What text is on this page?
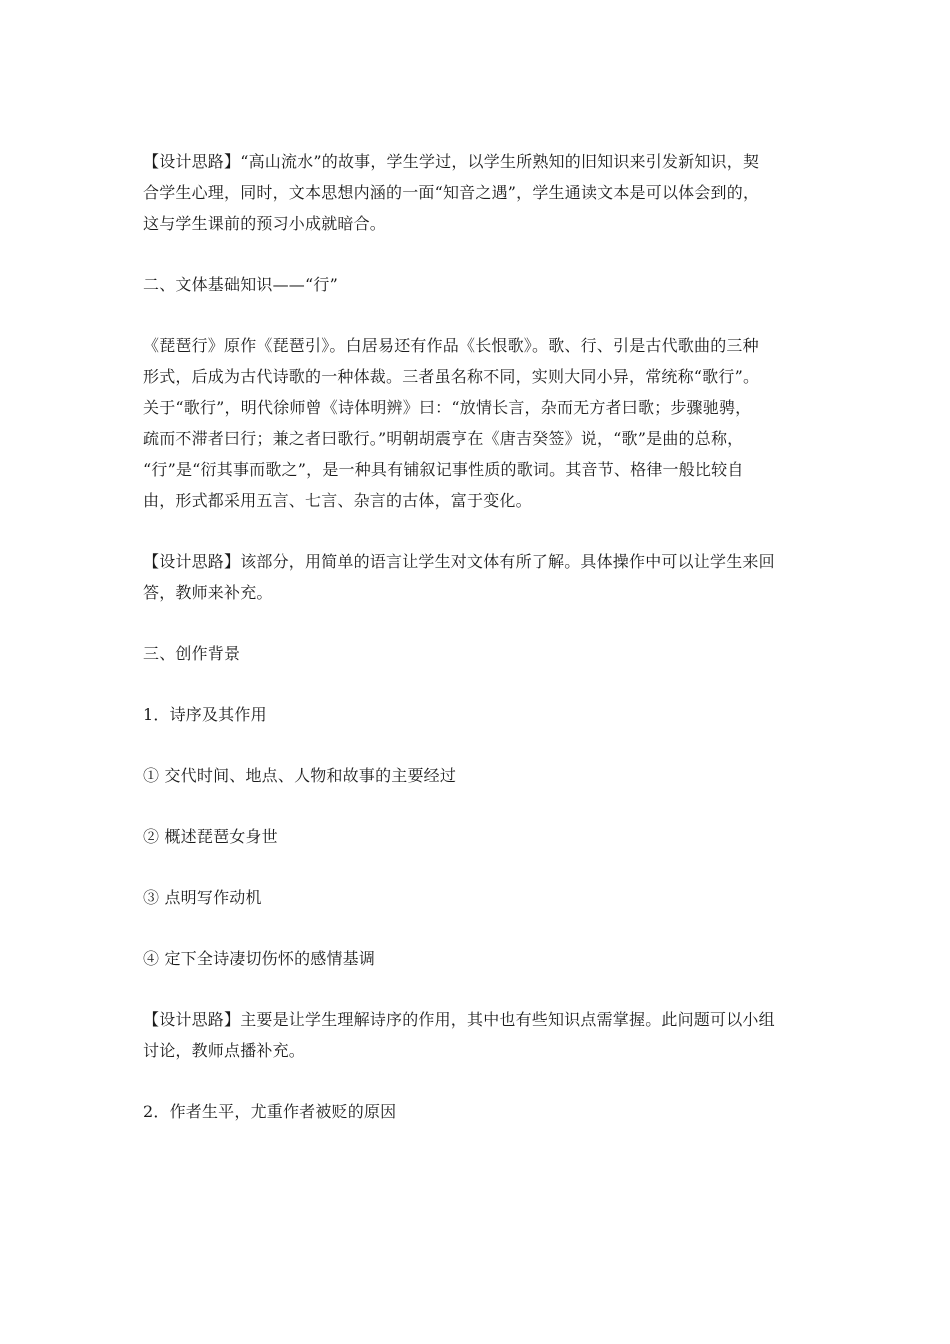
【设计思路】“高山流水”的故事，学生学过，以学生所熟知的旧知识来引发新知识，契
合学生心理，同时，文本思想内涵的一面“知音之遇”，学生通读文本是可以体会到的，
这与学生课前的预习小成就暗合。

二、文体基础知识——“行”

《琵琶行》原作《琵琶引》。白居易还有作品《长恨歌》。歌、行、引是古代歌曲的三种
形式，后成为古代诗歌的一种体裁。三者虽名称不同，实则大同小异，常统称“歌行”。
关于“歌行”，明代徐师曾《诗体明辨》曰：“放情长言，杂而无方者曰歌；步骤驰骋，
疏而不滞者曰行；兼之者曰歌行。”明朝胡震亨在《唐吉癸签》说，“歌”是曲的总称，
“行”是“衍其事而歌之”，是一种具有铺叙记事性质的歌词。其音节、格律一般比较自
由，形式都采用五言、七言、杂言的古体，富于变化。

【设计思路】该部分，用简单的语言让学生对文体有所了解。具体操作中可以让学生来回
答，教师来补充。

三、创作背景

1．诗序及其作用

① 交代时间、地点、人物和故事的主要经过

② 概述琵琶女身世

③ 点明写作动机

④ 定下全诗凄切伤怀的感情基调

【设计思路】主要是让学生理解诗序的作用，其中也有些知识点需掌握。此问题可以小组
讨论，教师点播补充。

2．作者生平，尤重作者被贬的原因
